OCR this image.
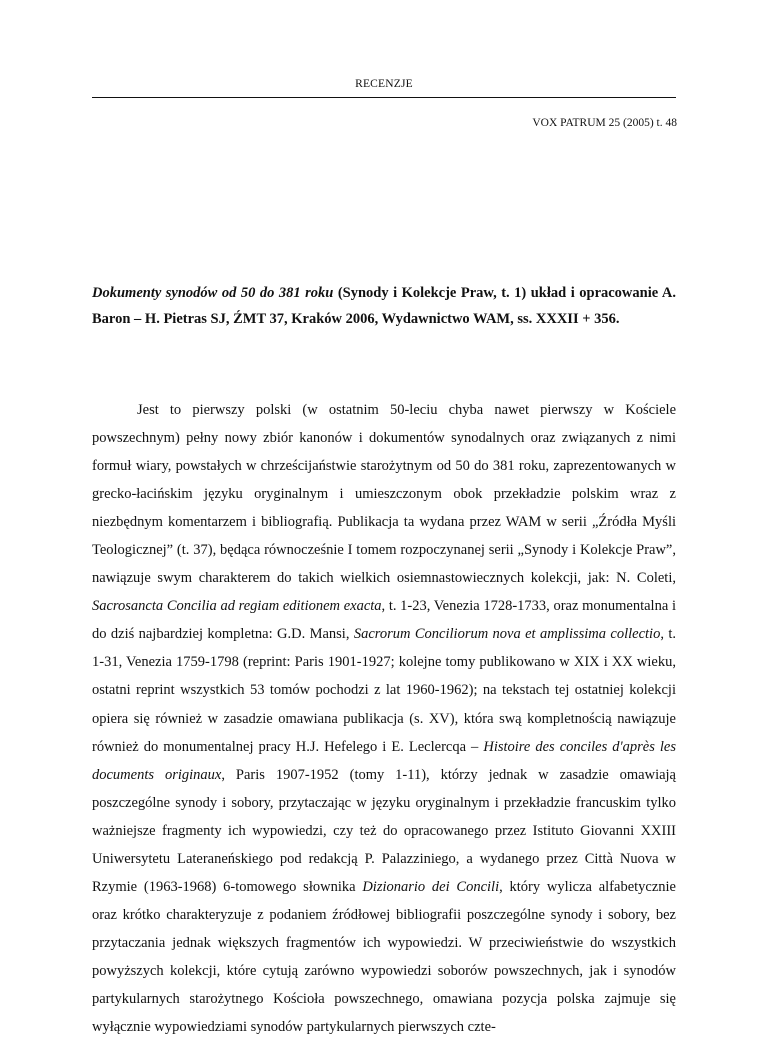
RECENZJE
VOX PATRUM 25 (2005) t. 48
Dokumenty synodów od 50 do 381 roku (Synody i Kolekcje Praw, t. 1) układ i opracowanie A. Baron – H. Pietras SJ, ŹMT 37, Kraków 2006, Wydawnictwo WAM, ss. XXXII + 356.

Jest to pierwszy polski (w ostatnim 50-leciu chyba nawet pierwszy w Kościele powszechnym) pełny nowy zbiór kanonów i dokumentów synodalnych oraz związanych z nimi formuł wiary, powstałych w chrześcijaństwie starożytnym od 50 do 381 roku, zaprezentowanych w grecko-łacińskim języku oryginalnym i umieszczonym obok przekładzie polskim wraz z niezbędnym komentarzem i bibliografią. Publikacja ta wydana przez WAM w serii „Źródła Myśli Teologicznej” (t. 37), będąca równocześnie I tomem rozpoczynanej serii „Synody i Kolekcje Praw”, nawiązuje swym charakterem do takich wielkich osiemnastowiecznych kolekcji, jak: N. Coleti, Sacrosancta Concilia ad regiam editionem exacta, t. 1-23, Venezia 1728-1733, oraz monumentalna i do dziś najbardziej kompletna: G.D. Mansi, Sacrorum Conciliorum nova et amplissima collectio, t. 1-31, Venezia 1759-1798 (reprint: Paris 1901-1927; kolejne tomy publikowano w XIX i XX wieku, ostatni reprint wszystkich 53 tomów pochodzi z lat 1960-1962); na tekstach tej ostatniej kolekcji opiera się również w zasadzie omawiana publikacja (s. XV), która swą kompletnością nawiązuje również do monumentalnej pracy H.J. Hefelego i E. Leclercqa – Histoire des conciles d'après les documents originaux, Paris 1907-1952 (tomy 1-11), którzy jednak w zasadzie omawiają poszczególne synody i sobory, przytaczając w języku oryginalnym i przekładzie francuskim tylko ważniejsze fragmenty ich wypowiedzi, czy też do opracowanego przez Istituto Giovanni XXIII Uniwersytetu Lateraneńskiego pod redakcją P. Palazziniego, a wydanego przez Città Nuova w Rzymie (1963-1968) 6-tomowego słownika Dizionario dei Concili, który wylicza alfabetycznie oraz krótko charakteryzuje z podaniem źródłowej bibliografii poszczególne synody i sobory, bez przytaczania jednak większych fragmentów ich wypowiedzi. W przeciwieństwie do wszystkich powyższych kolekcji, które cytują zarówno wypowiedzi soborów powszechnych, jak i synodów partykularnych starożytnego Kościoła powszechnego, omawiana pozycja polska zajmuje się wyłącznie wypowiedziami synodów partykularnych pierwszych czte-
